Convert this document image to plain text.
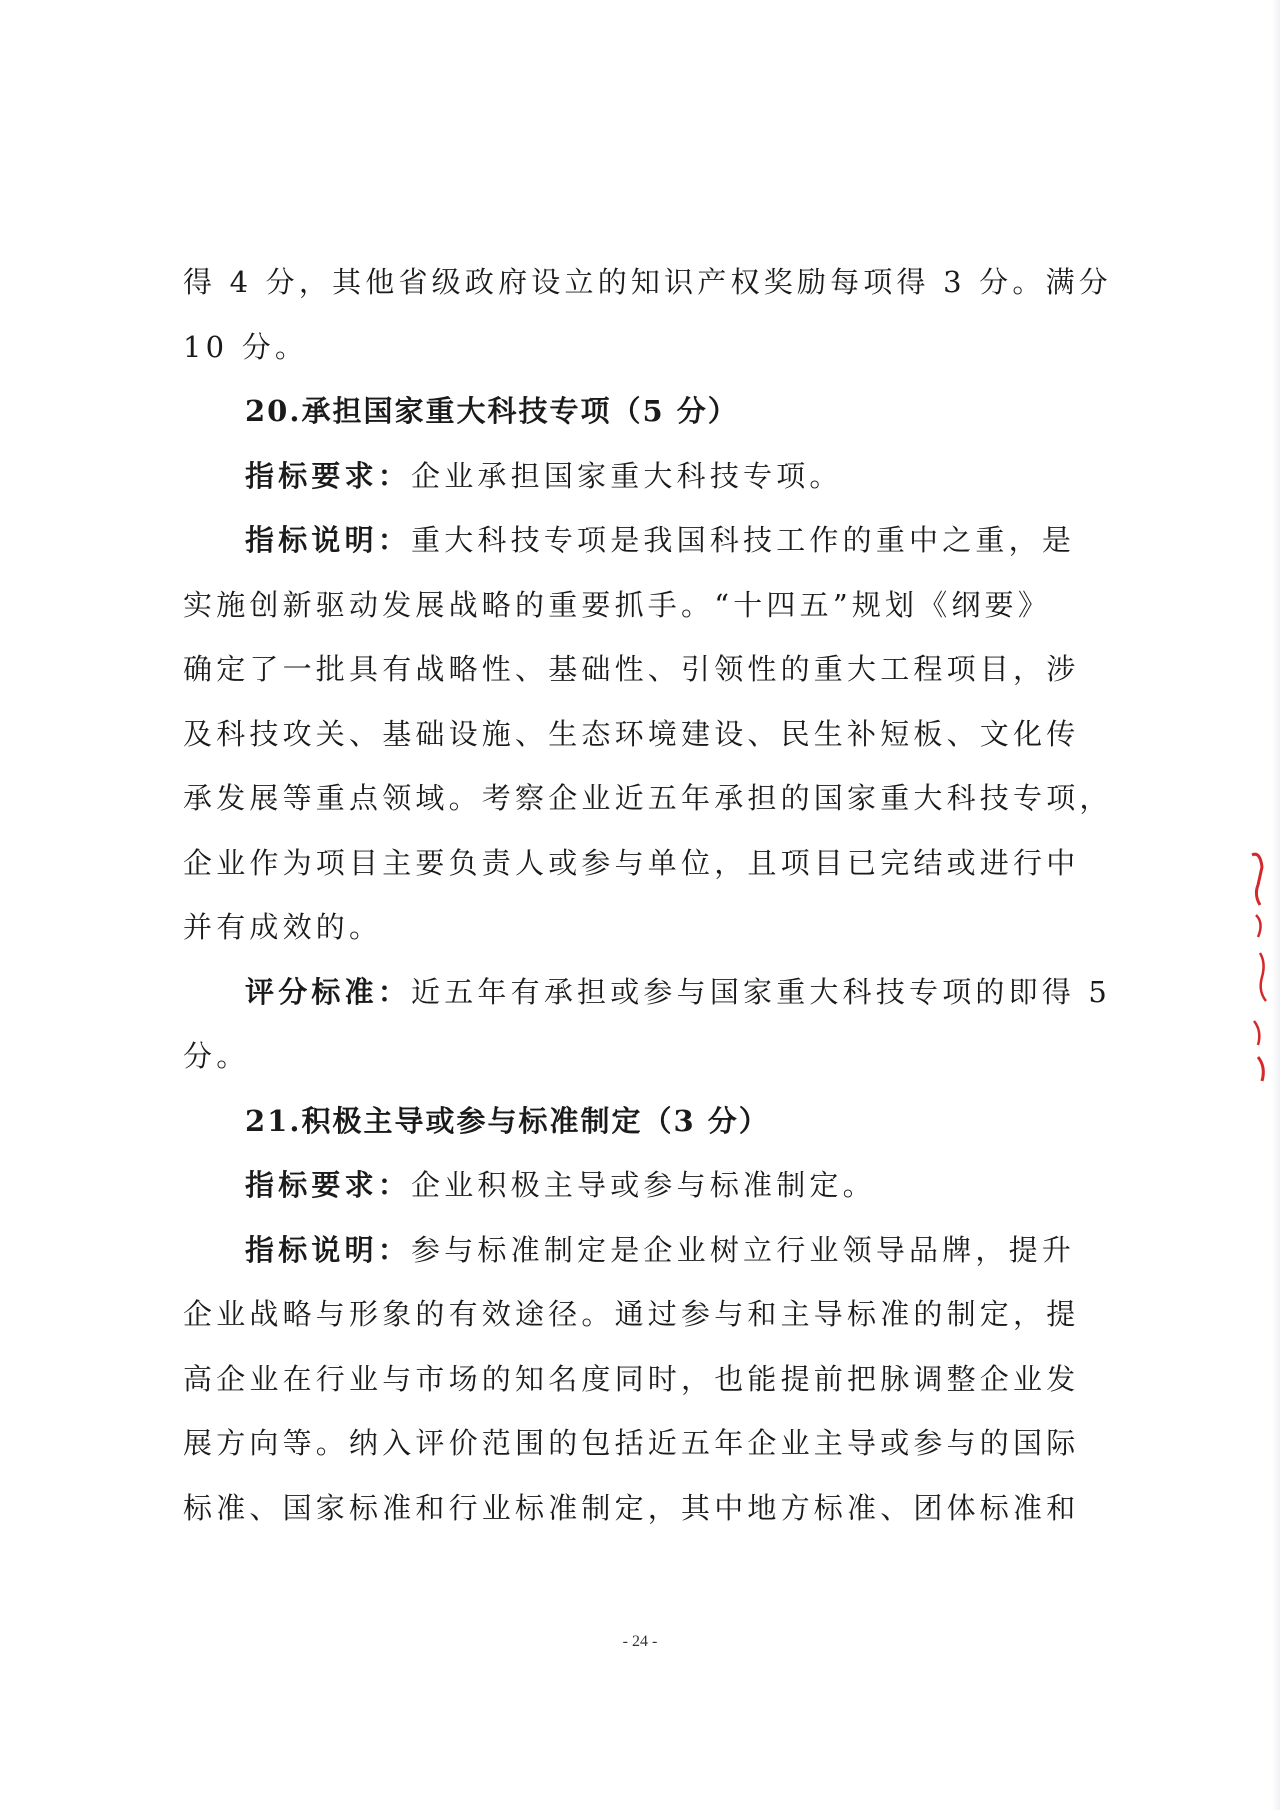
得 4 分，其他省级政府设立的知识产权奖励每项得 3 分。满分
10 分。
20.承担国家重大科技专项（5 分）
指标要求：企业承担国家重大科技专项。
指标说明：重大科技专项是我国科技工作的重中之重，是
实施创新驱动发展战略的重要抓手。“十四五”规划《纲要》
确定了一批具有战略性、基础性、引领性的重大工程项目，涉
及科技攻关、基础设施、生态环境建设、民生补短板、文化传
承发展等重点领域。考察企业近五年承担的国家重大科技专项，
企业作为项目主要负责人或参与单位，且项目已完结或进行中
并有成效的。
评分标准：近五年有承担或参与国家重大科技专项的即得 5
分。
21.积极主导或参与标准制定（3 分）
指标要求：企业积极主导或参与标准制定。
指标说明：参与标准制定是企业树立行业领导品牌，提升
企业战略与形象的有效途径。通过参与和主导标准的制定，提
高企业在行业与市场的知名度同时，也能提前把脉调整企业发
展方向等。纳入评价范围的包括近五年企业主导或参与的国际
标准、国家标准和行业标准制定，其中地方标准、团体标准和
- 24 -
